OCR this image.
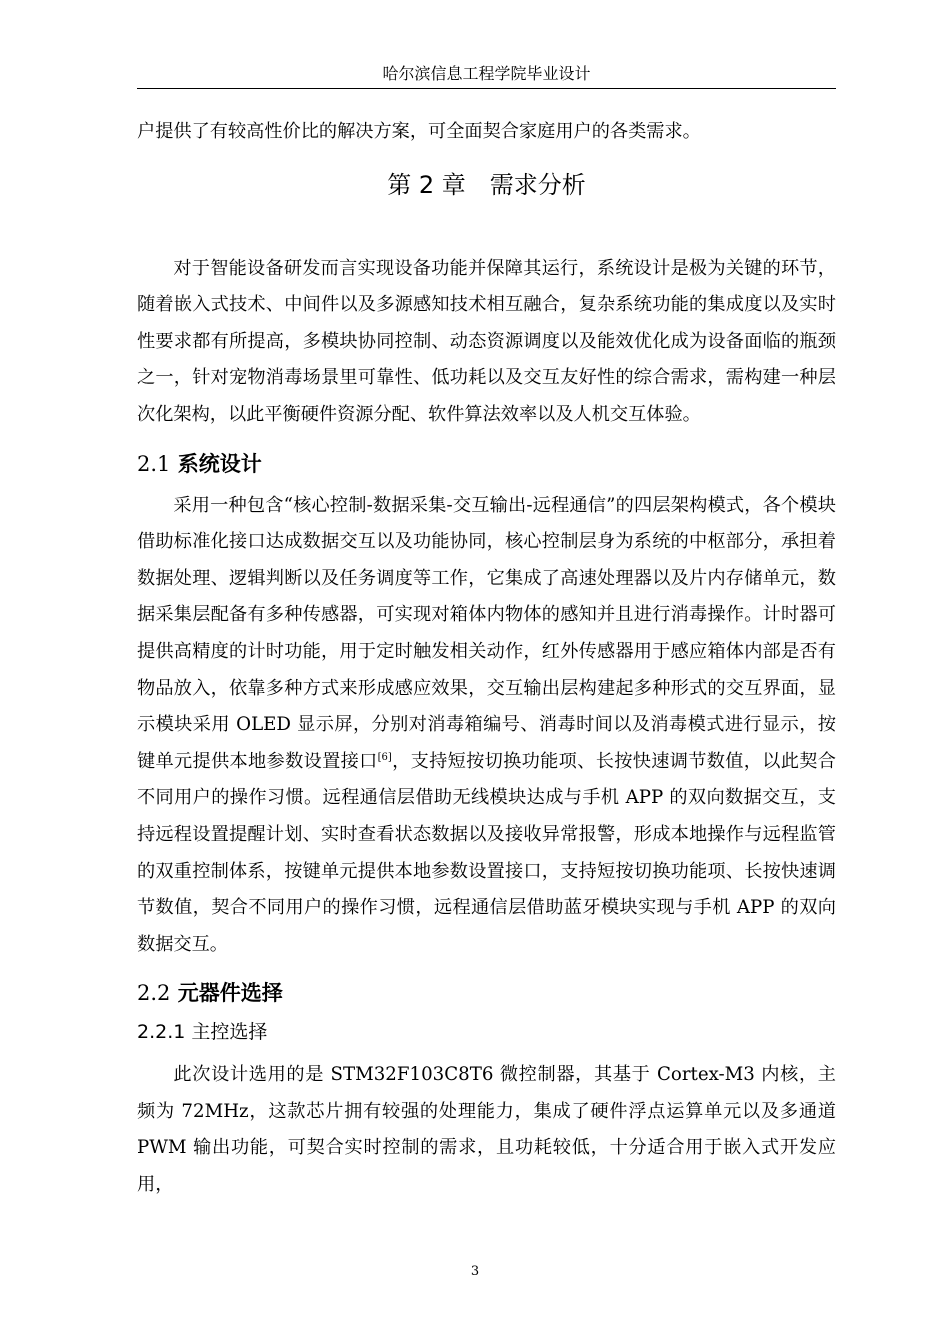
哈尔滨信息工程学院毕业设计

户提供了有较高性价比的解决方案，可全面契合家庭用户的各类需求。

第 2 章　需求分析

对于智能设备研发而言实现设备功能并保障其运行，系统设计是极为关键的环节，随着嵌入式技术、中间件以及多源感知技术相互融合，复杂系统功能的集成度以及实时性要求都有所提高，多模块协同控制、动态资源调度以及能效优化成为设备面临的瓶颈之一，针对宠物消毒场景里可靠性、低功耗以及交互友好性的综合需求，需构建一种层次化架构，以此平衡硬件资源分配、软件算法效率以及人机交互体验。

2.1 系统设计

采用一种包含“核心控制-数据采集-交互输出-远程通信”的四层架构模式，各个模块借助标准化接口达成数据交互以及功能协同，核心控制层身为系统的中枢部分，承担着数据处理、逻辑判断以及任务调度等工作，它集成了高速处理器以及片内存储单元，数据采集层配备有多种传感器，可实现对箱体内物体的感知并且进行消毒操作。计时器可提供高精度的计时功能，用于定时触发相关动作，红外传感器用于感应箱体内部是否有物品放入，依靠多种方式来形成感应效果，交互输出层构建起多种形式的交互界面，显示模块采用 OLED 显示屏，分别对消毒箱编号、消毒时间以及消毒模式进行显示，按键单元提供本地参数设置接口[6]，支持短按切换功能项、长按快速调节数值，以此契合不同用户的操作习惯。远程通信层借助无线模块达成与手机 APP 的双向数据交互，支持远程设置提醒计划、实时查看状态数据以及接收异常报警，形成本地操作与远程监管的双重控制体系，按键单元提供本地参数设置接口，支持短按切换功能项、长按快速调节数值，契合不同用户的操作习惯，远程通信层借助蓝牙模块实现与手机 APP 的双向数据交互。

2.2 元器件选择
2.2.1 主控选择

此次设计选用的是 STM32F103C8T6 微控制器，其基于 Cortex-M3 内核，主频为 72MHz，这款芯片拥有较强的处理能力，集成了硬件浮点运算单元以及多通道 PWM 输出功能，可契合实时控制的需求，且功耗较低，十分适合用于嵌入式开发应用，

3
